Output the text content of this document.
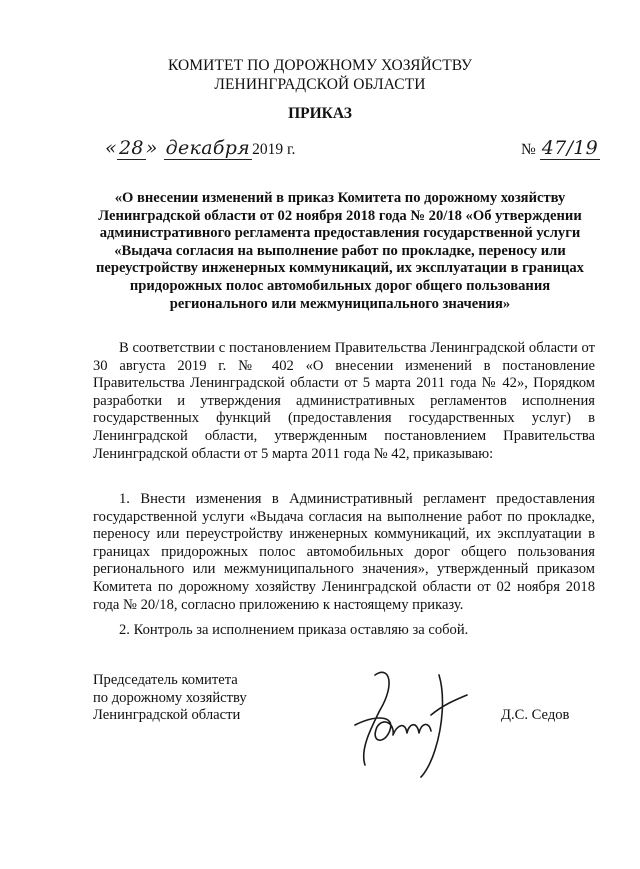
КОМИТЕТ ПО ДОРОЖНОМУ ХОЗЯЙСТВУ
ЛЕНИНГРАДСКОЙ ОБЛАСТИ
ПРИКАЗ
« 28 » декабря 2019 г.	№ 47/19
«О внесении изменений в приказ Комитета по дорожному хозяйству Ленинградской области от 02 ноября 2018 года № 20/18 «Об утверждении административного регламента предоставления государственной услуги «Выдача согласия на выполнение работ по прокладке, переносу или переустройству инженерных коммуникаций, их эксплуатации в границах придорожных полос автомобильных дорог общего пользования регионального или межмуниципального значения»
В соответствии с постановлением Правительства Ленинградской области от 30 августа 2019 г. № 402 «О внесении изменений в постановление Правительства Ленинградской области от 5 марта 2011 года № 42», Порядком разработки и утверждения административных регламентов исполнения государственных функций (предоставления государственных услуг) в Ленинградской области, утвержденным постановлением Правительства Ленинградской области от 5 марта 2011 года № 42, приказываю:
1. Внести изменения в Административный регламент предоставления государственной услуги «Выдача согласия на выполнение работ по прокладке, переносу или переустройству инженерных коммуникаций, их эксплуатации в границах придорожных полос автомобильных дорог общего пользования регионального или межмуниципального значения», утвержденный приказом Комитета по дорожному хозяйству Ленинградской области от 02 ноября 2018 года № 20/18, согласно приложению к настоящему приказу.
2. Контроль за исполнением приказа оставляю за собой.
Председатель комитета
по дорожному хозяйству
Ленинградской области	Д.С. Седов
